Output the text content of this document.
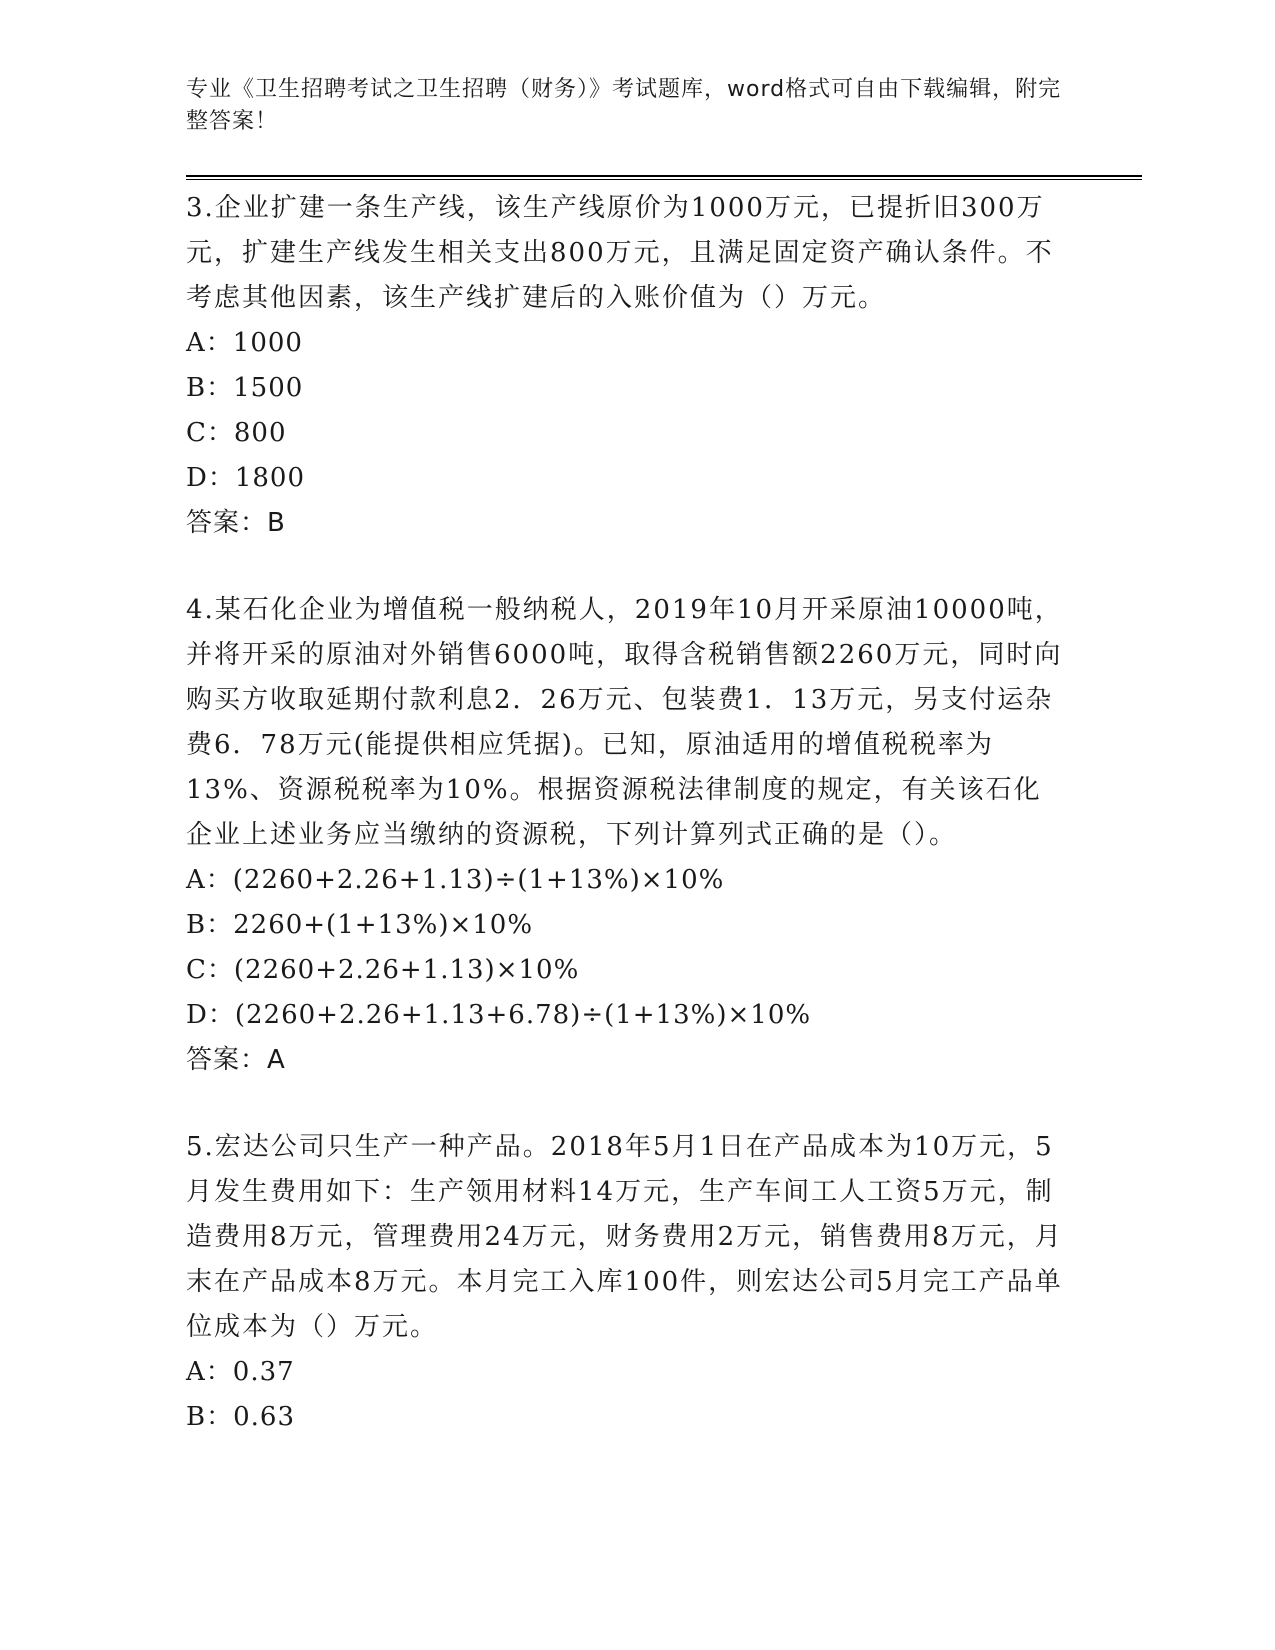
专业《卫生招聘考试之卫生招聘（财务）》考试题库，word格式可自由下载编辑，附完整答案！

3.企业扩建一条生产线，该生产线原价为1000万元，已提折旧300万元，扩建生产线发生相关支出800万元，且满足固定资产确认条件。不考虑其他因素，该生产线扩建后的入账价值为（）万元。

A：1000

B：1500

C：800

D：1800

答案：B

4.某石化企业为增值税一般纳税人，2019年10月开采原油10000吨，并将开采的原油对外销售6000吨，取得含税销售额2260万元，同时向购买方收取延期付款利息2．26万元、包装费1．13万元，另支付运杂费6．78万元(能提供相应凭据)。已知，原油适用的增值税税率为13%、资源税税率为10%。根据资源税法律制度的规定，有关该石化企业上述业务应当缴纳的资源税，下列计算列式正确的是（）。

A：(2260+2.26+1.13)÷(1+13%)×10%

B：2260+(1+13%)×10%

C：(2260+2.26+1.13)×10%

D：(2260+2.26+1.13+6.78)÷(1+13%)×10%

答案：A

5.宏达公司只生产一种产品。2018年5月1日在产品成本为10万元，5月发生费用如下：生产领用材料14万元，生产车间工人工资5万元，制造费用8万元，管理费用24万元，财务费用2万元，销售费用8万元，月末在产品成本8万元。本月完工入库100件，则宏达公司5月完工产品单位成本为（）万元。

A：0.37

B：0.63
